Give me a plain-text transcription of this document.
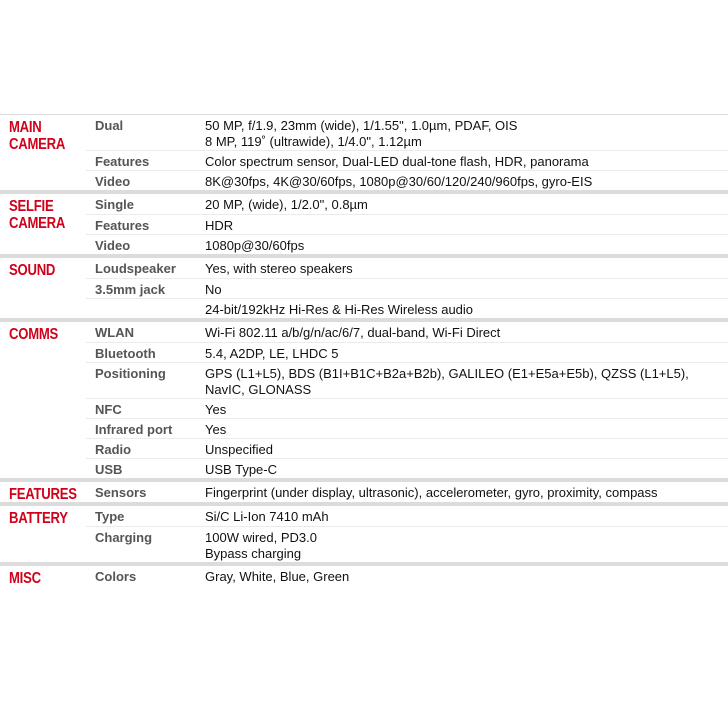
MAIN CAMERA
Dual	50 MP, f/1.9, 23mm (wide), 1/1.55", 1.0µm, PDAF, OIS
8 MP, 119˚ (ultrawide), 1/4.0", 1.12µm
Features	Color spectrum sensor, Dual-LED dual-tone flash, HDR, panorama
Video	8K@30fps, 4K@30/60fps, 1080p@30/60/120/240/960fps, gyro-EIS
SELFIE CAMERA
Single	20 MP, (wide), 1/2.0", 0.8µm
Features	HDR
Video	1080p@30/60fps
SOUND	Loudspeaker	Yes, with stereo speakers
3.5mm jack	No
24-bit/192kHz Hi-Res & Hi-Res Wireless audio
COMMS	WLAN	Wi-Fi 802.11 a/b/g/n/ac/6/7, dual-band, Wi-Fi Direct
Bluetooth	5.4, A2DP, LE, LHDC 5
Positioning	GPS (L1+L5), BDS (B1I+B1C+B2a+B2b), GALILEO (E1+E5a+E5b), QZSS (L1+L5), NavIC, GLONASS
NFC	Yes
Infrared port	Yes
Radio	Unspecified
USB	USB Type-C
FEATURES	Sensors	Fingerprint (under display, ultrasonic), accelerometer, gyro, proximity, compass
BATTERY	Type	Si/C Li-Ion 7410 mAh
Charging	100W wired, PD3.0
Bypass charging
MISC	Colors	Gray, White, Blue, Green
